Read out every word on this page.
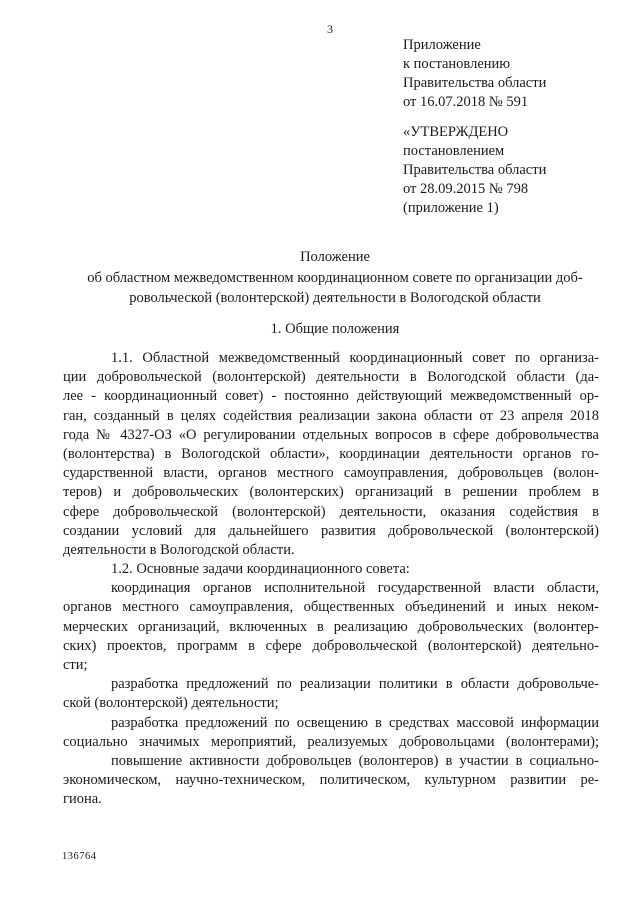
3
Приложение
к постановлению
Правительства области
от 16.07.2018 № 591
«УТВЕРЖДЕНО
постановлением
Правительства области
от 28.09.2015 № 798
(приложение 1)
Положение
об областном межведомственном координационном совете по организации доб-
ровольческой (волонтерской) деятельности в Вологодской области
1. Общие положения
1.1. Областной межведомственный координационный совет по организа-
ции добровольческой (волонтерской) деятельности в Вологодской области (да-
лее - координационный совет) - постоянно действующий межведомственный ор-
ган, созданный в целях содействия реализации закона области от 23 апреля 2018
года № 4327-ОЗ «О регулировании отдельных вопросов в сфере добровольчества
(волонтерства) в Вологодской области», координации деятельности органов го-
сударственной власти, органов местного самоуправления, добровольцев (волон-
теров) и добровольческих (волонтерских) организаций в решении проблем в
сфере добровольческой (волонтерской) деятельности, оказания содействия в
создании условий для дальнейшего развития добровольческой (волонтерской)
деятельности в Вологодской области.
1.2. Основные задачи координационного совета:
координация органов исполнительной государственной власти области,
органов местного самоуправления, общественных объединений и иных неком-
мерческих организаций, включенных в реализацию добровольческих (волонтер-
ских) проектов, программ в сфере добровольческой (волонтерской) деятельно-
сти;
разработка предложений по реализации политики в области добровольче-
ской (волонтерской) деятельности;
разработка предложений по освещению в средствах массовой информации
социально значимых мероприятий, реализуемых добровольцами (волонтерами);
повышение активности добровольцев (волонтеров) в участии в социально-
экономическом, научно-техническом, политическом, культурном развитии ре-
гиона.
136764
